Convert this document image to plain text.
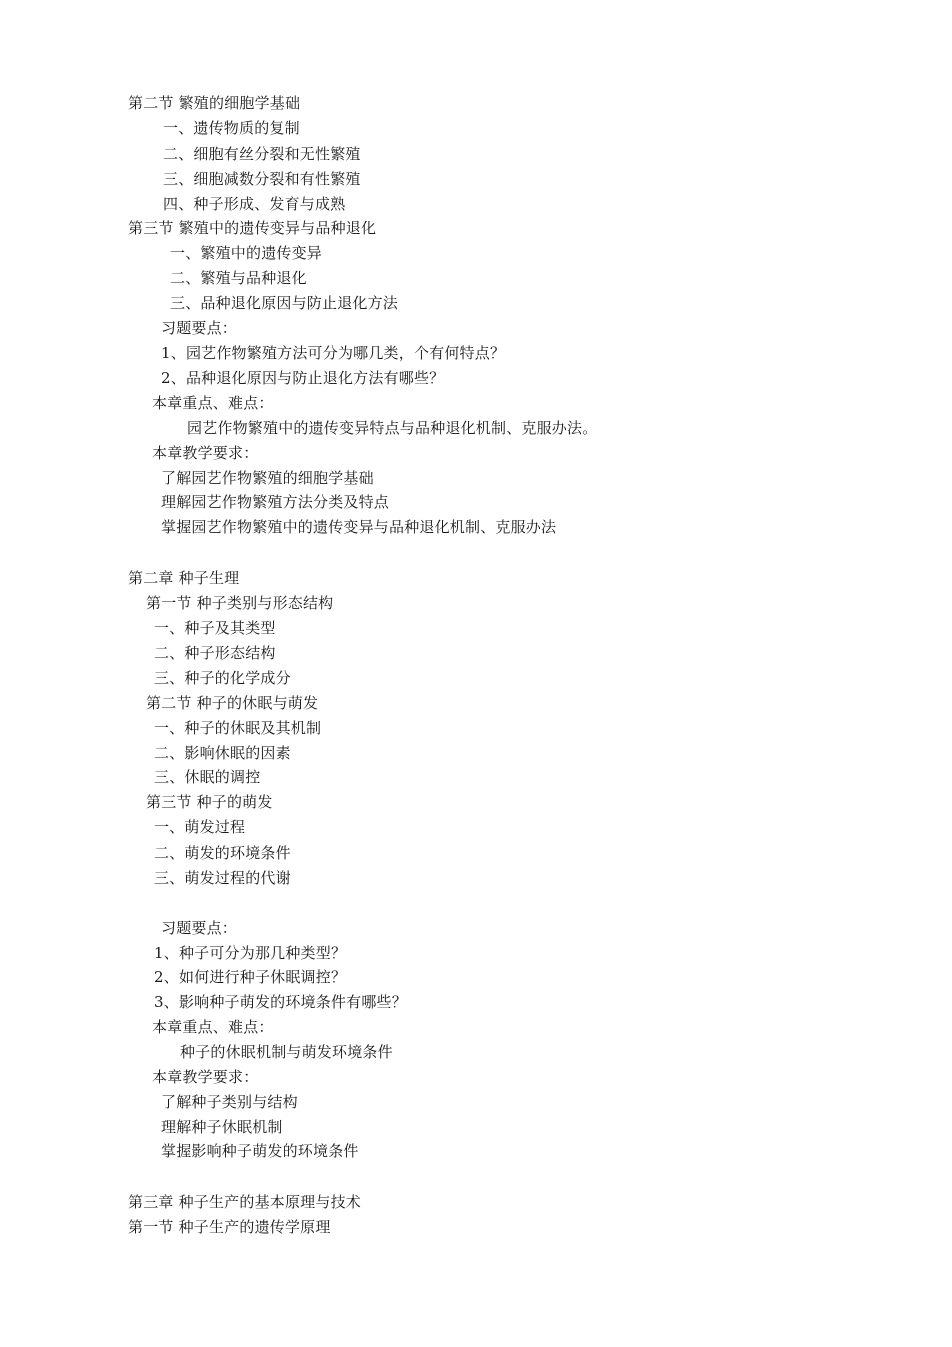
第二节 繁殖的细胞学基础
一、遗传物质的复制
二、细胞有丝分裂和无性繁殖
三、细胞减数分裂和有性繁殖
四、种子形成、发育与成熟
第三节 繁殖中的遗传变异与品种退化
一、繁殖中的遗传变异
二、繁殖与品种退化
三、品种退化原因与防止退化方法
习题要点：
1、园艺作物繁殖方法可分为哪几类，个有何特点？
2、品种退化原因与防止退化方法有哪些？
本章重点、难点：
园艺作物繁殖中的遗传变异特点与品种退化机制、克服办法。
本章教学要求：
了解园艺作物繁殖的细胞学基础
理解园艺作物繁殖方法分类及特点
掌握园艺作物繁殖中的遗传变异与品种退化机制、克服办法
第二章 种子生理
第一节 种子类别与形态结构
一、种子及其类型
二、种子形态结构
三、种子的化学成分
第二节 种子的休眠与萌发
一、种子的休眠及其机制
二、影响休眠的因素
三、休眠的调控
第三节 种子的萌发
一、萌发过程
二、萌发的环境条件
三、萌发过程的代谢
习题要点：
1、种子可分为那几种类型？
2、如何进行种子休眠调控？
3、影响种子萌发的环境条件有哪些？
本章重点、难点：
种子的休眠机制与萌发环境条件
本章教学要求：
了解种子类别与结构
理解种子休眠机制
掌握影响种子萌发的环境条件
第三章 种子生产的基本原理与技术
第一节 种子生产的遗传学原理
